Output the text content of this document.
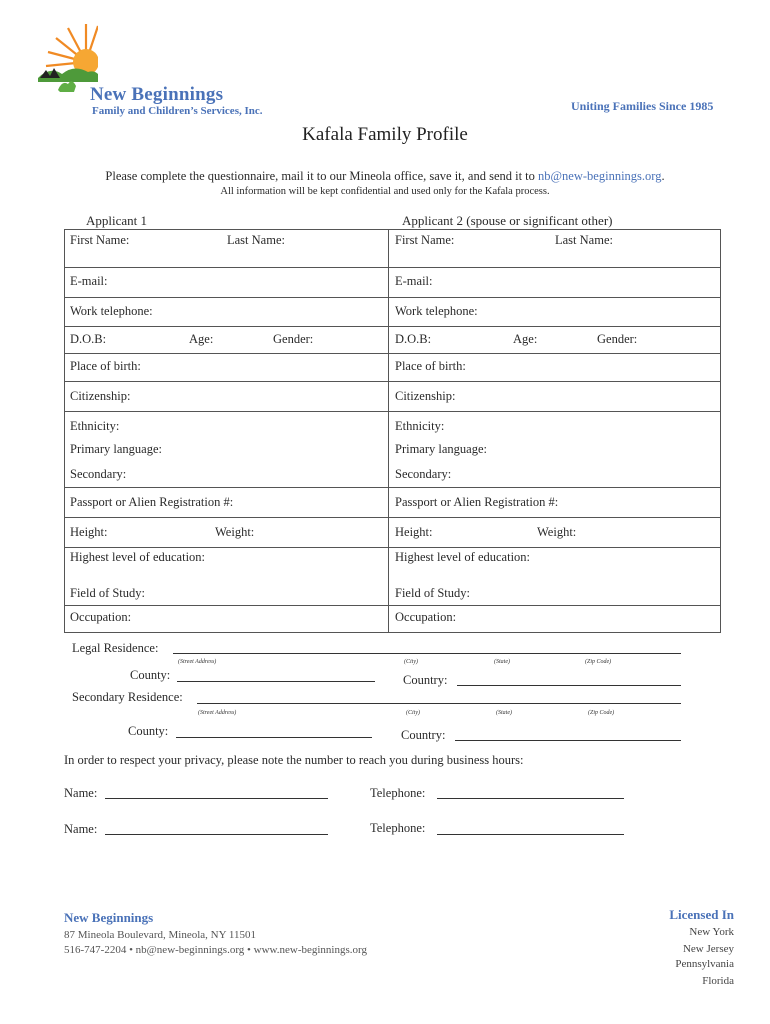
New Beginnings
Family and Children’s Services, Inc.	Uniting Families Since 1985
Kafala Family Profile
Please complete the questionnaire, mail it to our Mineola office, save it, and send it to nb@new-beginnings.org.
All information will be kept confidential and used only for the Kafala process.
Applicant 1	Applicant 2 (spouse or significant other)
First Name: Last Name:	First Name: Last Name:

E-mail:	E-mail:

Work telephone:	Work telephone:

D.O.B: Age: Gender:	D.O.B: Age: Gender:

Place of birth:	Place of birth:

Citizenship:	Citizenship:

Ethnicity:
Primary language:
Secondary:	Ethnicity:
Primary language:
Secondary:

Passport or Alien Registration #:	Passport or Alien Registration #:

Height: Weight:	Height: Weight:

Highest level of education:
Field of Study:	Highest level of education:
Field of Study:

Occupation:	Occupation:
Legal Residence:
(Street Address)	(City)	(State)	(Zip Code)
County:	Country:
Secondary Residence:
(Street Address)	(City)	(State)	(Zip Code)
County:	Country:
In order to respect your privacy, please note the number to reach you during business hours:
Name:	Telephone:
Name:	Telephone:
New Beginnings
87 Mineola Boulevard, Mineola, NY 11501
516-747-2204 • nb@new-beginnings.org • www.new-beginnings.org
Licensed In
New York
New Jersey
Pennsylvania
Florida
